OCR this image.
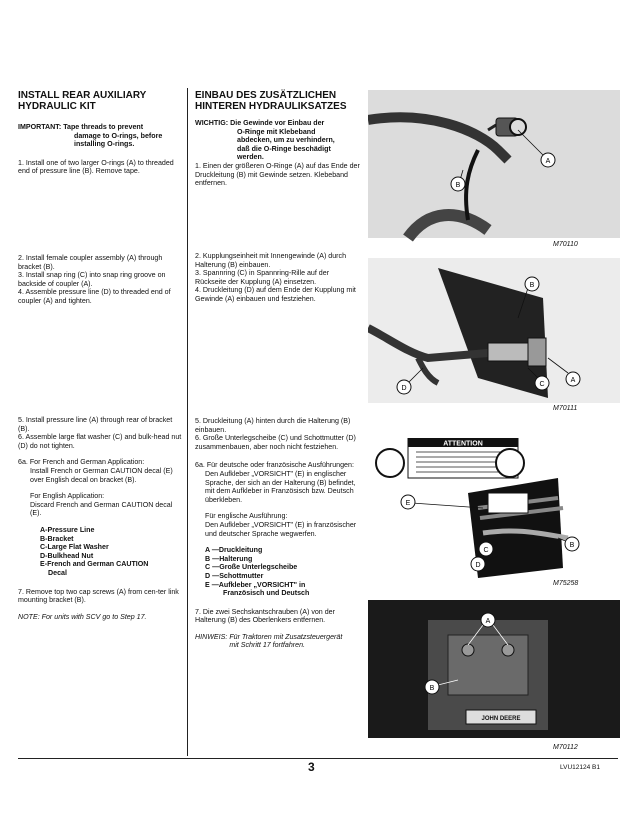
INSTALL REAR AUXILIARY
HYDRAULIC KIT
IMPORTANT: Tape threads to prevent
damage to O-rings, before
installing O-rings.

1. Install one of two larger O-rings (A) to threaded end of pressure line (B). Remove tape.

2. Install female coupler assembly (A) through bracket (B).

3. Install snap ring (C) into snap ring groove on backside of coupler (A).

4. Assemble pressure line (D) to threaded end of coupler (A) and tighten.

5. Install pressure line (A) through rear of bracket (B).

6. Assemble large flat washer (C) and bulk-head nut (D) do not tighten.

6a. For French and German Application:

Install French or German CAUTION decal (E) over English decal on bracket (B).

For English Application:

Discard French and German CAUTION decal (E).

A-Pressure Line
B-Bracket
C-Large Flat Washer
D-Bulkhead Nut
E-French and German CAUTION
Decal

7. Remove top two cap screws (A) from cen-ter link mounting bracket (B).

NOTE: For units with SCV go to Step 17.

EINBAU DES ZUSÄTZLICHEN
HINTEREN HYDRAULIKSATZES
WICHTIG: Die Gewinde vor Einbau der
O-Ringe mit Klebeband
abdecken, um zu verhindern,
daß die O-Ringe beschädigt
werden.

1. Einen der größeren O-Ringe (A) auf das Ende der Druckleitung (B) mit Gewinde setzen. Klebeband entfernen.

2. Kupplungseinheit mit Innengewinde (A) durch Halterung (B) einbauen.

3. Spannring (C) in Spannring-Rille auf der Rückseite der Kupplung (A) einsetzen.

4. Druckleitung (D) auf dem Ende der Kupplung mit Gewinde (A) einbauen und festziehen.

5. Druckleitung (A) hinten durch die Halterung (B) einbauen.

6. Große Unterlegscheibe (C) und Schottmutter (D) zusammenbauen, aber noch nicht festziehen.

6a. Für deutsche oder französische Ausführungen:

Den Aufkleber „VORSICHT" (E) in englischer Sprache, der sich an der Halterung (B) befindet, mit dem Aufkleber in Französisch bzw. Deutsch überkleben.

Für englische Ausführung:

Den Aufkleber „VORSICHT" (E) in französischer und deutscher Sprache wegwerfen.

A —Druckleitung
B —Halterung
C —Große Unterlegscheibe
D —Schottmutter
E —Aufkleber „VORSICHT" in
Französisch und Deutsch

7. Die zwei Sechskantschrauben (A) von der Halterung (B) des Oberlenkers entfernen.

HINWEIS: Für Traktoren mit Zusatzsteuergerät mit Schritt 17 fortfahren.
A
B
M70110
B
D
C
A
M70111
ATTENTION
E
B
C
D
M75258
JOHN DEERE
A
B
M70112
3	LVU12124 B1
